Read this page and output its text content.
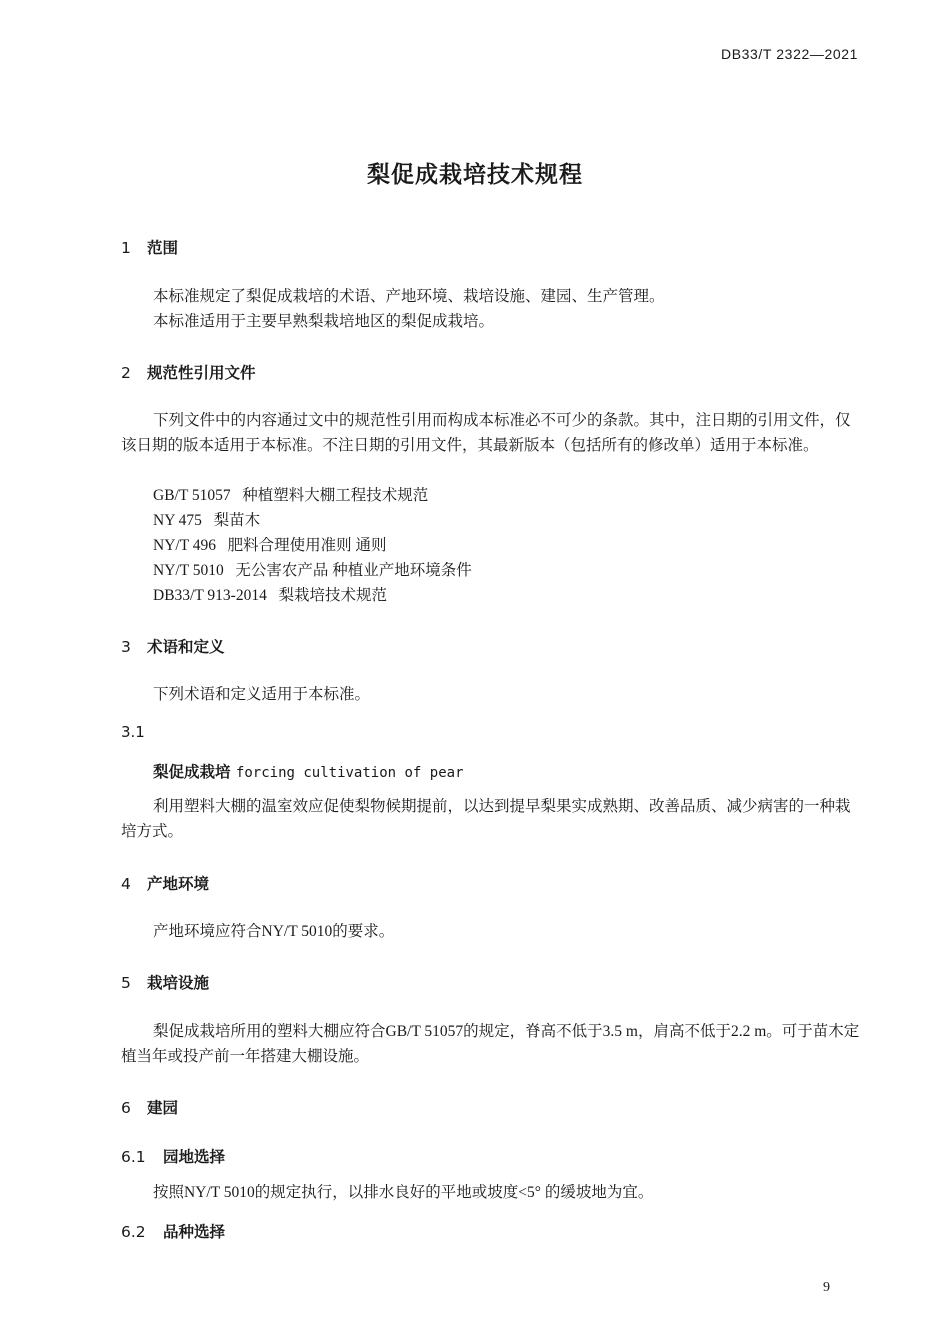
DB33/T 2322—2021
梨促成栽培技术规程
1 范围
本标准规定了梨促成栽培的术语、产地环境、栽培设施、建园、生产管理。
本标准适用于主要早熟梨栽培地区的梨促成栽培。
2 规范性引用文件
下列文件中的内容通过文中的规范性引用而构成本标准必不可少的条款。其中，注日期的引用文件，仅该日期的版本适用于本标准。不注日期的引用文件，其最新版本（包括所有的修改单）适用于本标准。
GB/T 51057 种植塑料大棚工程技术规范
NY 475 梨苗木
NY/T 496 肥料合理使用准则 通则
NY/T 5010 无公害农产品 种植业产地环境条件
DB33/T 913-2014 梨栽培技术规范
3 术语和定义
下列术语和定义适用于本标准。
3.1
梨促成栽培 forcing cultivation of pear
利用塑料大棚的温室效应促使梨物候期提前，以达到提早梨果实成熟期、改善品质、减少病害的一种栽培方式。
4 产地环境
产地环境应符合NY/T 5010的要求。
5 栽培设施
梨促成栽培所用的塑料大棚应符合GB/T 51057的规定，脊高不低于3.5 m，肩高不低于2.2 m。可于苗木定植当年或投产前一年搭建大棚设施。
6 建园
6.1 园地选择
按照NY/T 5010的规定执行，以排水良好的平地或坡度<5° 的缓坡地为宜。
6.2 品种选择
9
